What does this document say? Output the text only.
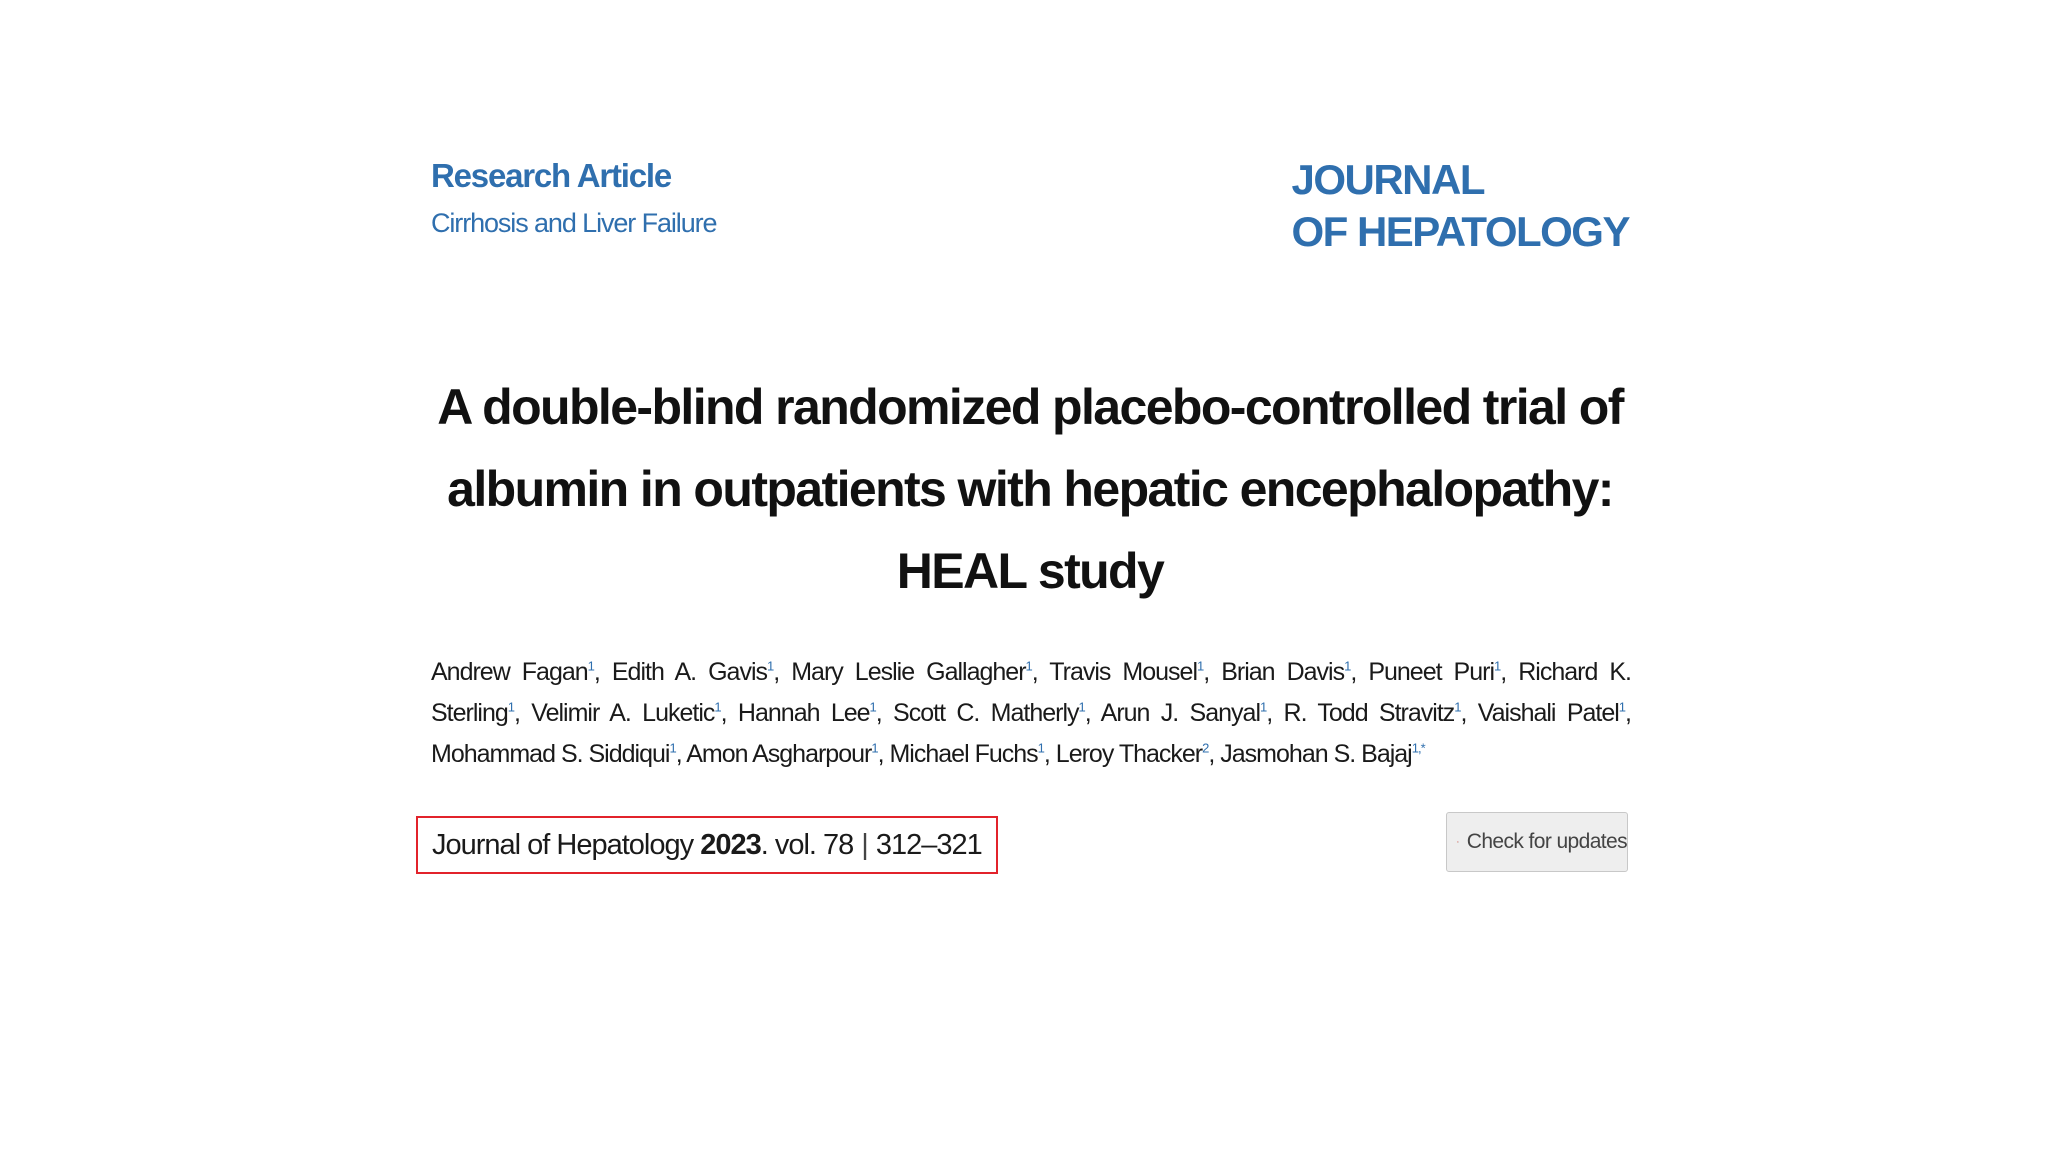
Research Article
Cirrhosis and Liver Failure
JOURNAL
OF HEPATOLOGY
A double-blind randomized placebo-controlled trial of
albumin in outpatients with hepatic encephalopathy:
HEAL study
Andrew Fagan$^1$, Edith A. Gavis$^1$, Mary Leslie Gallagher$^1$, Travis Mousel$^1$, Brian Davis$^1$, Puneet Puri$^1$, Richard K. Sterling$^1$, Velimir A. Luketic$^1$, Hannah Lee$^1$, Scott C. Matherly$^1$, Arun J. Sanyal$^1$, R. Todd Stravitz$^1$, Vaishali Patel$^1$, Mohammad S. Siddiqui$^1$, Amon Asgharpour$^1$, Michael Fuchs$^1$, Leroy Thacker$^2$, Jasmohan S. Bajaj$^{1,*}$
Journal of Hepatology
2023 . vol. 78 | 312–321	Check for updates
